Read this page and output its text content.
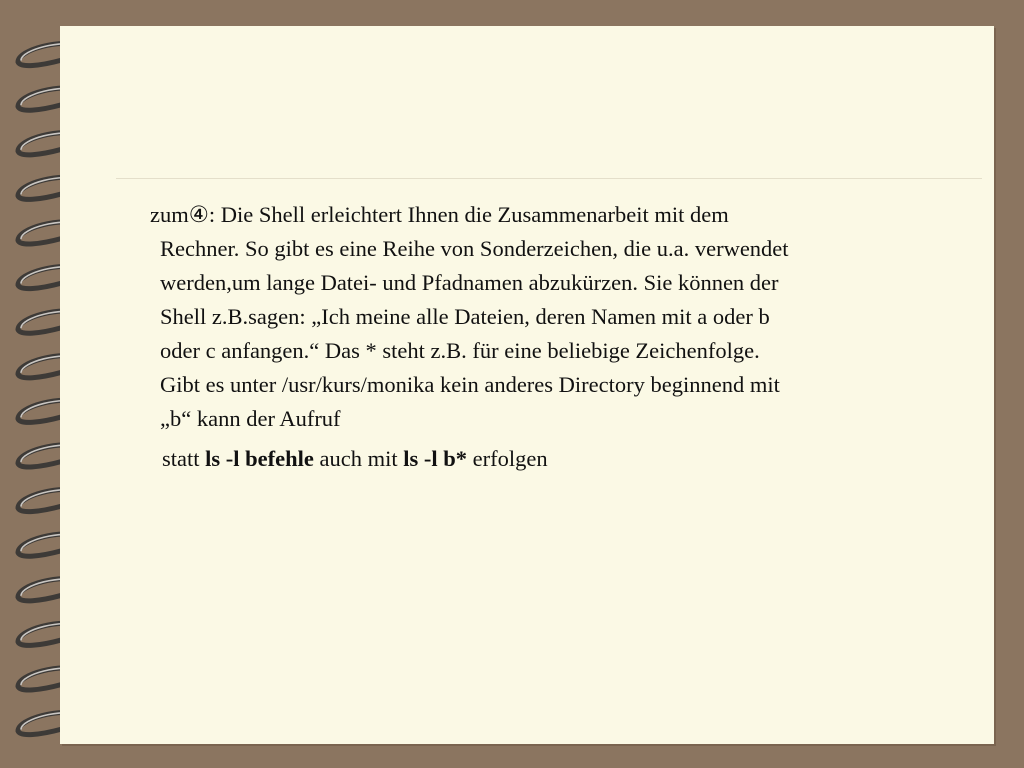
zum④: Die Shell erleichtert Ihnen die Zusammenarbeit mit dem
Rechner. So gibt es eine Reihe von Sonderzeichen, die u.a. verwendet
werden,um lange Datei- und Pfadnamen abzukürzen. Sie können der
Shell z.B.sagen: „Ich meine alle Dateien, deren Namen mit a oder b
oder c anfangen.“ Das * steht z.B. für eine beliebige Zeichenfolge.
Gibt es unter /usr/kurs/monika kein anderes Directory beginnend mit
„b“ kann der Aufruf

statt ls -l befehle auch mit ls -l b* erfolgen
